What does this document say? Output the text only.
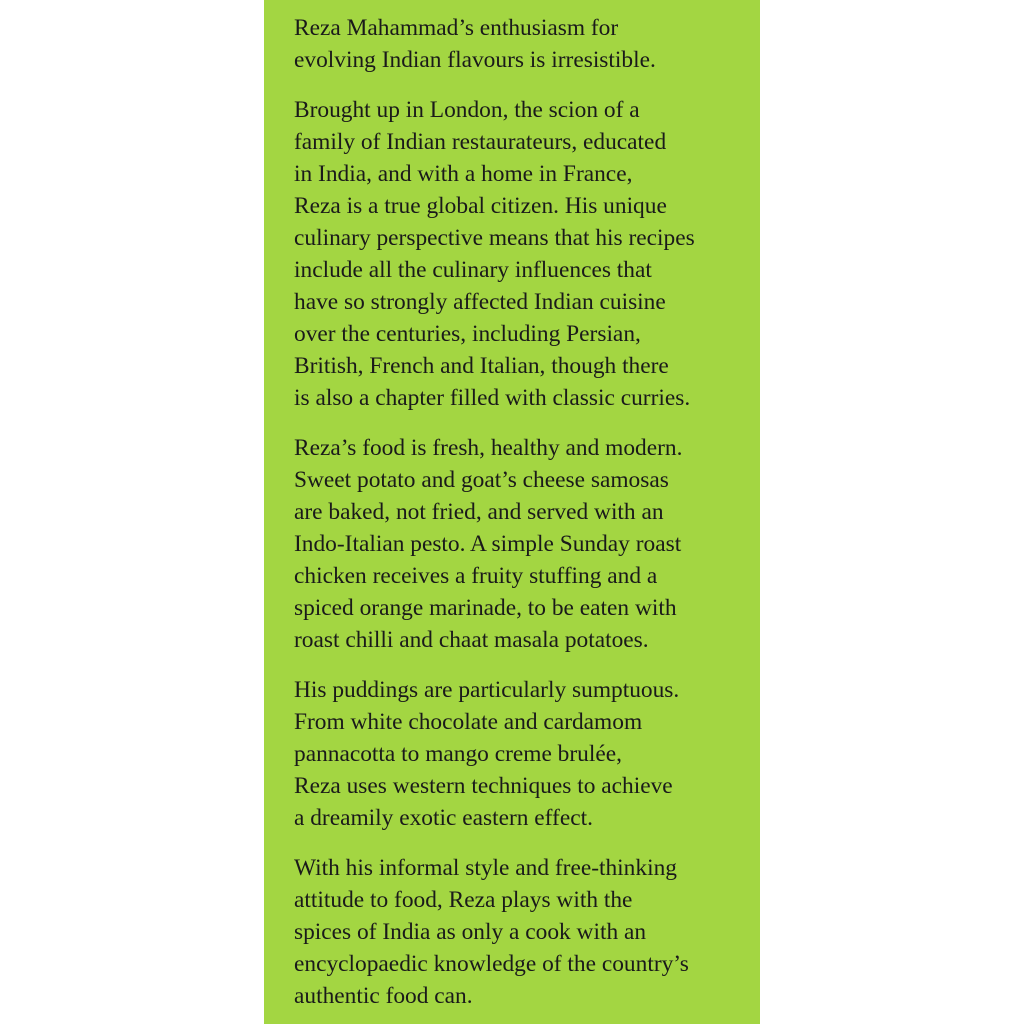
Reza Mahammad’s enthusiasm for
evolving Indian flavours is irresistible.

Brought up in London, the scion of a
family of Indian restaurateurs, educated
in India, and with a home in France,
Reza is a true global citizen. His unique
culinary perspective means that his recipes
include all the culinary influences that
have so strongly affected Indian cuisine
over the centuries, including Persian,
British, French and Italian, though there
is also a chapter filled with classic curries.

Reza’s food is fresh, healthy and modern.
Sweet potato and goat’s cheese samosas
are baked, not fried, and served with an
Indo-Italian pesto. A simple Sunday roast
chicken receives a fruity stuffing and a
spiced orange marinade, to be eaten with
roast chilli and chaat masala potatoes.

His puddings are particularly sumptuous.
From white chocolate and cardamom
pannacotta to mango creme brulée,
Reza uses western techniques to achieve
a dreamily exotic eastern effect.

With his informal style and free-thinking
attitude to food, Reza plays with the
spices of India as only a cook with an
encyclopaedic knowledge of the country’s
authentic food can.
